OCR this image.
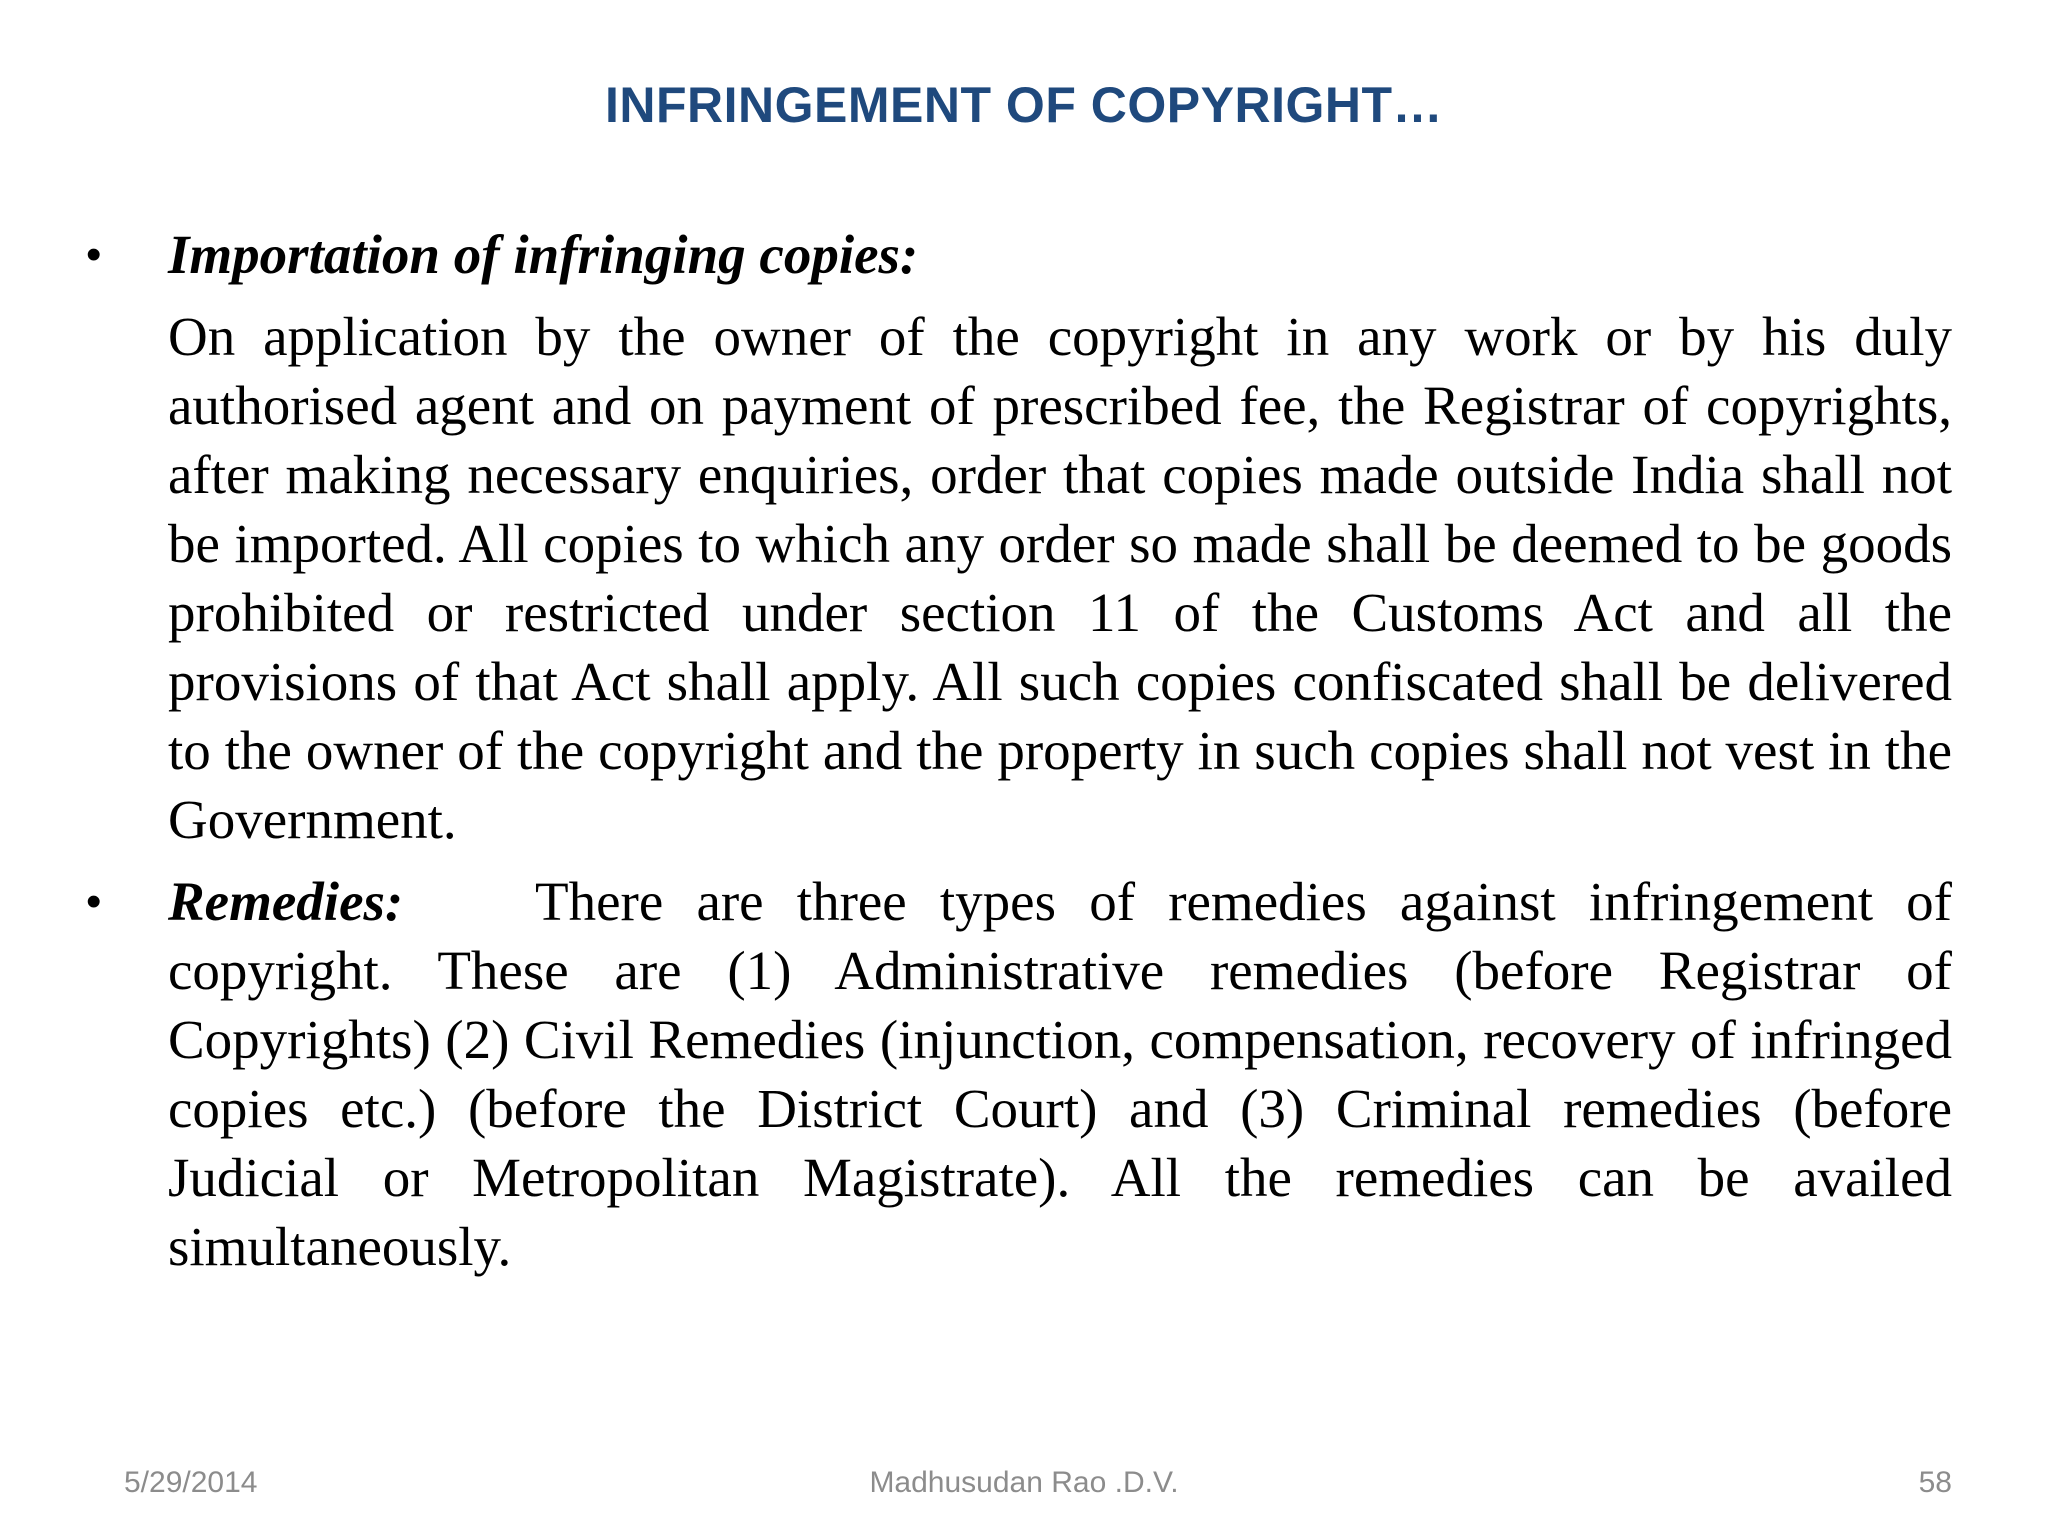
INFRINGEMENT OF COPYRIGHT…
• Importation of infringing copies:
On application by the owner of the copyright in any work or by his duly authorised agent and on payment of prescribed fee, the Registrar of copyrights, after making necessary enquiries, order that copies made outside India shall not be imported. All copies to which any order so made shall be deemed to be goods prohibited or restricted under section 11 of the Customs Act and all the provisions of that Act shall apply. All such copies confiscated shall be delivered to the owner of the copyright and the property in such copies shall not vest in the Government.
• Remedies: There are three types of remedies against infringement of copyright. These are (1) Administrative remedies (before Registrar of Copyrights) (2) Civil Remedies (injunction, compensation, recovery of infringed copies etc.) (before the District Court) and (3) Criminal remedies (before Judicial or Metropolitan Magistrate). All the remedies can be availed simultaneously.
Madhusudan Rao .D.V.
5/29/2014	58
